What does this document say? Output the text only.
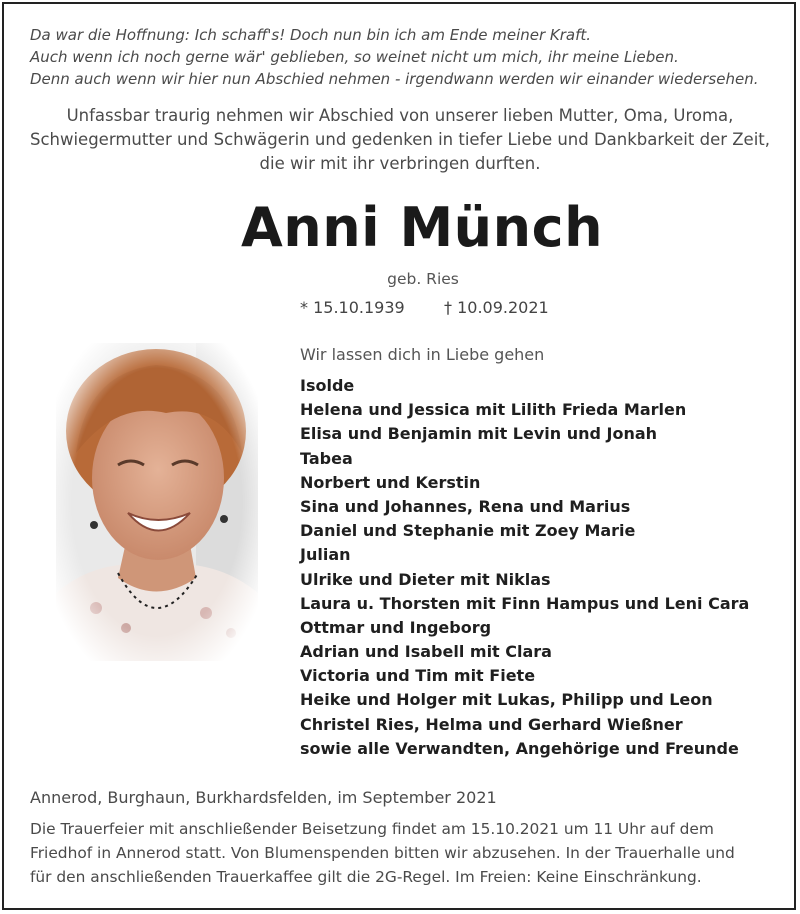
Da war die Hoffnung: Ich schaff's! Doch nun bin ich am Ende meiner Kraft.
Auch wenn ich noch gerne wär' geblieben, so weinet nicht um mich, ihr meine Lieben.
Denn auch wenn wir hier nun Abschied nehmen - irgendwann werden wir einander wiedersehen.
Unfassbar traurig nehmen wir Abschied von unserer lieben Mutter, Oma, Uroma,
Schwiegermutter und Schwägerin und gedenken in tiefer Liebe und Dankbarkeit der Zeit,
die wir mit ihr verbringen durften.
Anni Münch
geb. Ries
* 15.10.1939 † 10.09.2021
Wir lassen dich in Liebe gehen
Isolde
Helena und Jessica mit Lilith Frieda Marlen
Elisa und Benjamin mit Levin und Jonah
Tabea
Norbert und Kerstin
Sina und Johannes, Rena und Marius
Daniel und Stephanie mit Zoey Marie
Julian
Ulrike und Dieter mit Niklas
Laura u. Thorsten mit Finn Hampus und Leni Cara
Ottmar und Ingeborg
Adrian und Isabell mit Clara
Victoria und Tim mit Fiete
Heike und Holger mit Lukas, Philipp und Leon
Christel Ries, Helma und Gerhard Wießner
sowie alle Verwandten, Angehörige und Freunde
Annerod, Burghaun, Burkhardsfelden, im September 2021
Die Trauerfeier mit anschließender Beisetzung findet am 15.10.2021 um 11 Uhr auf dem
Friedhof in Annerod statt. Von Blumenspenden bitten wir abzusehen. In der Trauerhalle und
für den anschließenden Trauerkaffee gilt die 2G-Regel. Im Freien: Keine Einschränkung.
